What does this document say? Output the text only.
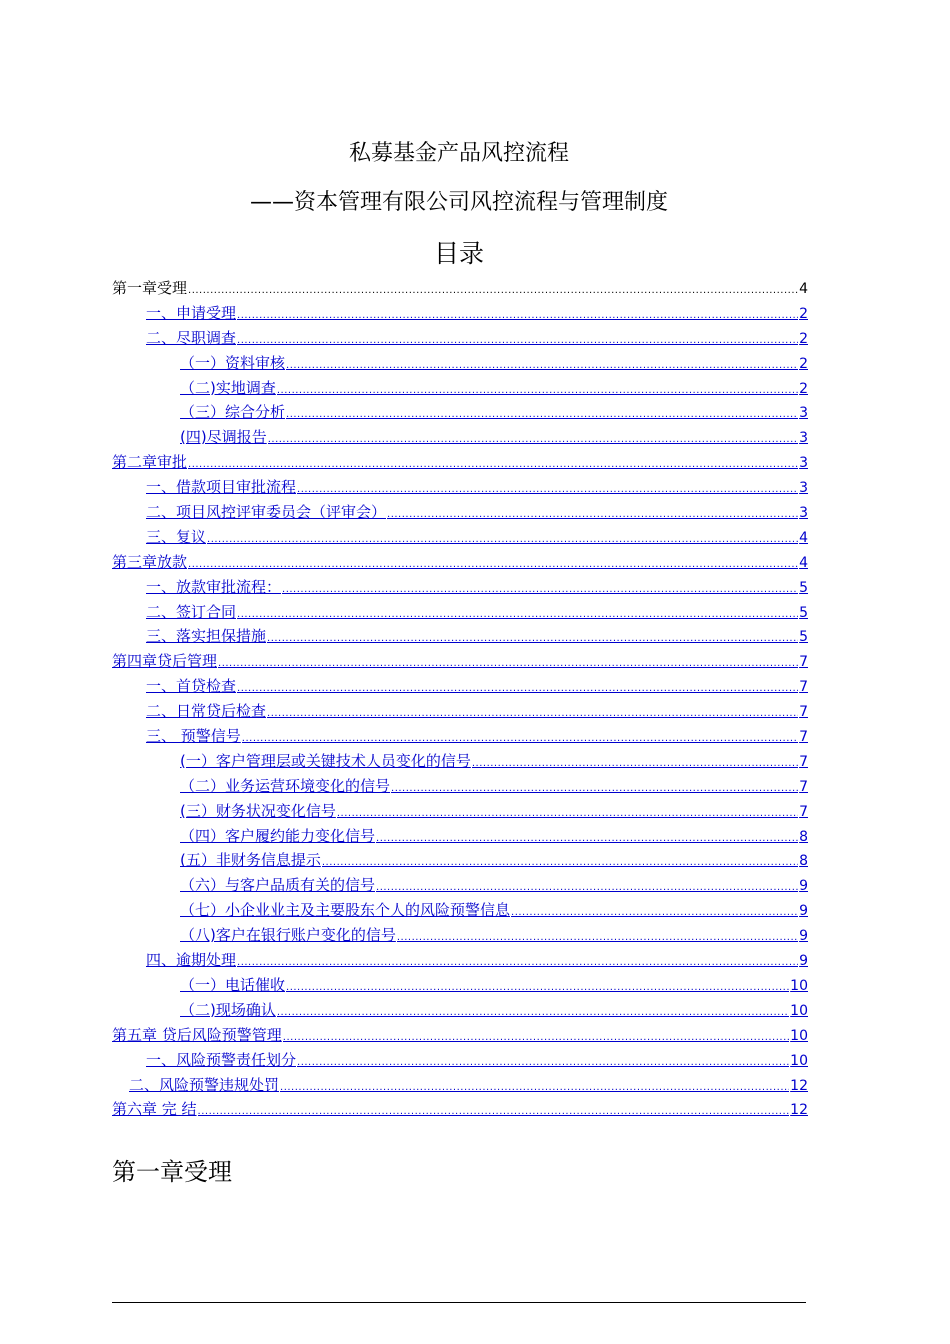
私募基金产品风控流程
——资本管理有限公司风控流程与管理制度
目录
第一章受理 .....	4
一、申请受理 .....	2
二、尽职调查 .....	2
（一）资料审核 .....	2
（二)实地调查 .....	2
（三）综合分析 .....	3
(四)尽调报告 .....	3
第二章审批 .....	3
一、借款项目审批流程 .....	3
二、项目风控评审委员会（评审会） .....	3
三、复议 .....	4
第三章放款 .....	4
一、放款审批流程： .....	5
二、签订合同 .....	5
三、落实担保措施 .....	5
第四章贷后管理 .....	7
一、首贷检查 .....	7
二、日常贷后检查 .....	7
三、 预警信号 .....	7
(一）客户管理层或关键技术人员变化的信号 .....	7
（二）业务运营环境变化的信号 .....	7
(三）财务状况变化信号 .....	7
（四）客户履约能力变化信号 .....	8
(五）非财务信息提示 .....	8
（六）与客户品质有关的信号 .....	9
（七）小企业业主及主要股东个人的风险预警信息 .....	9
（八)客户在银行账户变化的信号 .....	9
四、逾期处理 .....	9
（一）电话催收 .....	10
（二)现场确认 .....	10
第五章 贷后风险预警管理 .....	10
一、风险预警责任划分 .....	10
二、风险预警违规处罚 .....	12
第六章 完 结 .....	12
第一章受理
